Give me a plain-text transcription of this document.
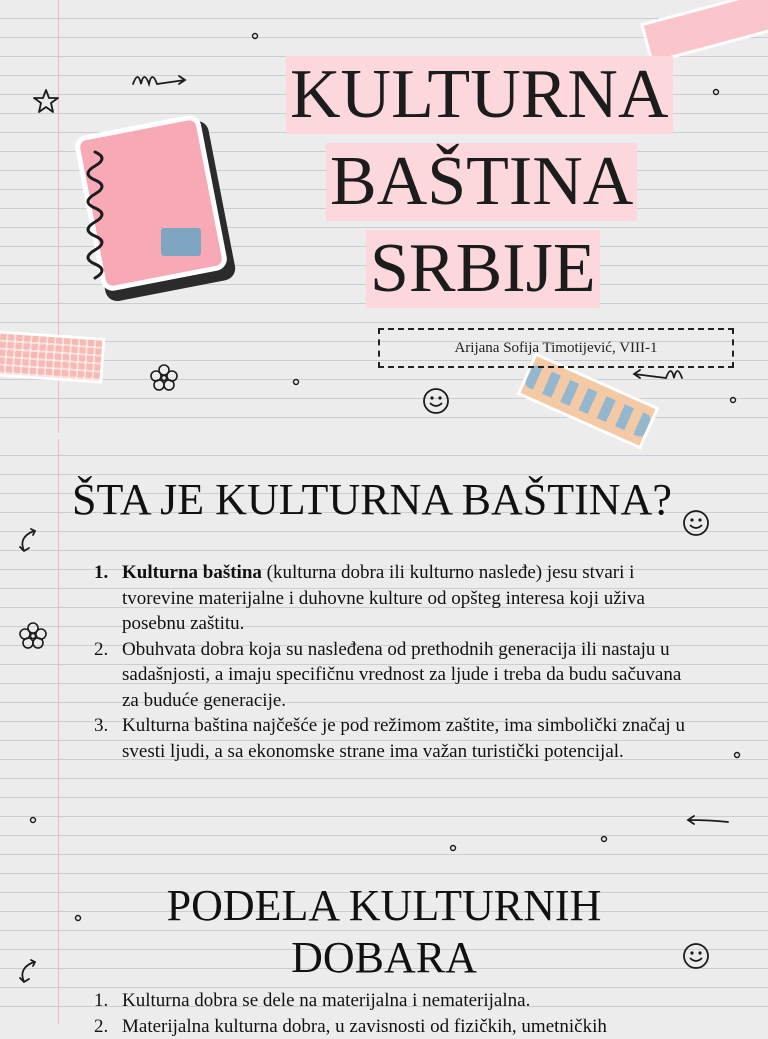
KULTURNA
BAŠTINA
SRBIJE
Arijana Sofija Timotijević, VIII-1
ŠTA JE KULTURNA BAŠTINA?
1. Kulturna baština (kulturna dobra ili kulturno nasleđe) jesu stvari i tvorevine materijalne i duhovne kulture od opšteg interesa koji uživa posebnu zaštitu.
2. Obuhvata dobra koja su nasleđena od prethodnih generacija ili nastaju u sadašnjosti, a imaju specifičnu vrednost za ljude i treba da budu sačuvana za buduće generacije.
3. Kulturna baština najčešće je pod režimom zaštite, ima simbolički značaj u svesti ljudi, a sa ekonomske strane ima važan turistički potencijal.
PODELA KULTURNIH DOBARA
1. Kulturna dobra se dele na materijalna i nematerijalna.
2. Materijalna kulturna dobra, u zavisnosti od fizičkih, umetničkih
